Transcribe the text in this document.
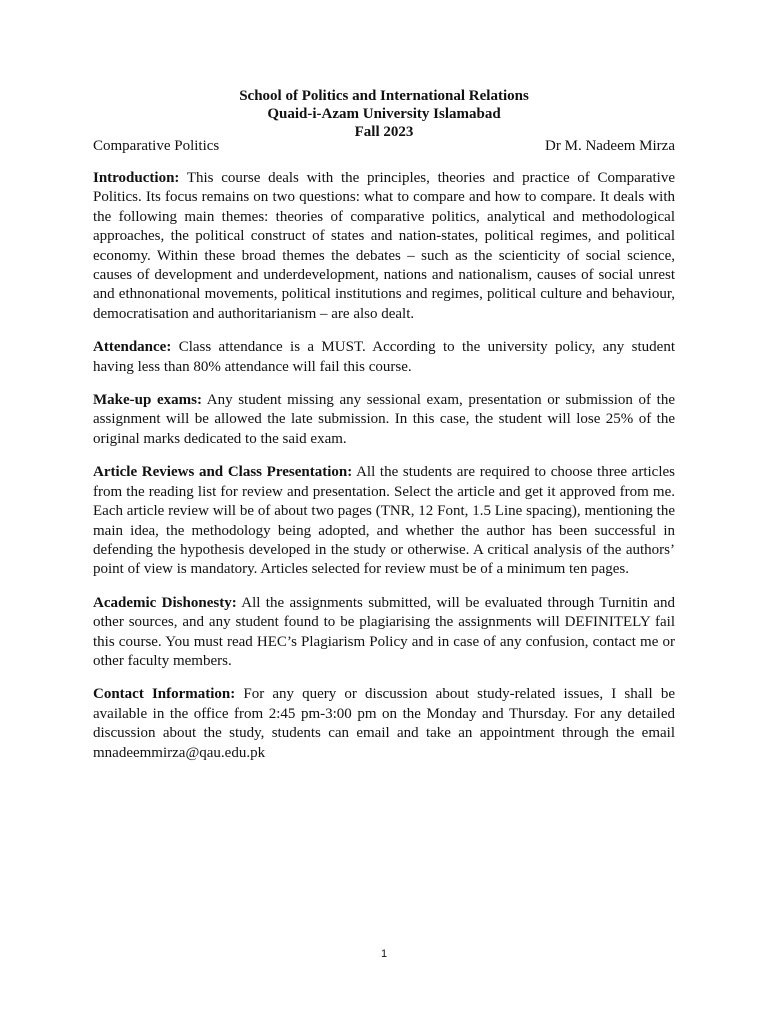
School of Politics and International Relations
Quaid-i-Azam University Islamabad
Fall 2023
Comparative Politics	Dr M. Nadeem Mirza

Introduction: This course deals with the principles, theories and practice of Comparative Politics. Its focus remains on two questions: what to compare and how to compare. It deals with the following main themes: theories of comparative politics, analytical and methodological approaches, the political construct of states and nation-states, political regimes, and political economy. Within these broad themes the debates – such as the scienticity of social science, causes of development and underdevelopment, nations and nationalism, causes of social unrest and ethnonational movements, political institutions and regimes, political culture and behaviour, democratisation and authoritarianism – are also dealt.

Attendance: Class attendance is a MUST. According to the university policy, any student having less than 80% attendance will fail this course.

Make-up exams: Any student missing any sessional exam, presentation or submission of the assignment will be allowed the late submission. In this case, the student will lose 25% of the original marks dedicated to the said exam.

Article Reviews and Class Presentation: All the students are required to choose three articles from the reading list for review and presentation. Select the article and get it approved from me. Each article review will be of about two pages (TNR, 12 Font, 1.5 Line spacing), mentioning the main idea, the methodology being adopted, and whether the author has been successful in defending the hypothesis developed in the study or otherwise. A critical analysis of the authors’ point of view is mandatory. Articles selected for review must be of a minimum ten pages.

Academic Dishonesty: All the assignments submitted, will be evaluated through Turnitin and other sources, and any student found to be plagiarising the assignments will DEFINITELY fail this course. You must read HEC’s Plagiarism Policy and in case of any confusion, contact me or other faculty members.

Contact Information: For any query or discussion about study-related issues, I shall be available in the office from 2:45 pm-3:00 pm on the Monday and Thursday. For any detailed discussion about the study, students can email and take an appointment through the email mnadeemmirza@qau.edu.pk

1
